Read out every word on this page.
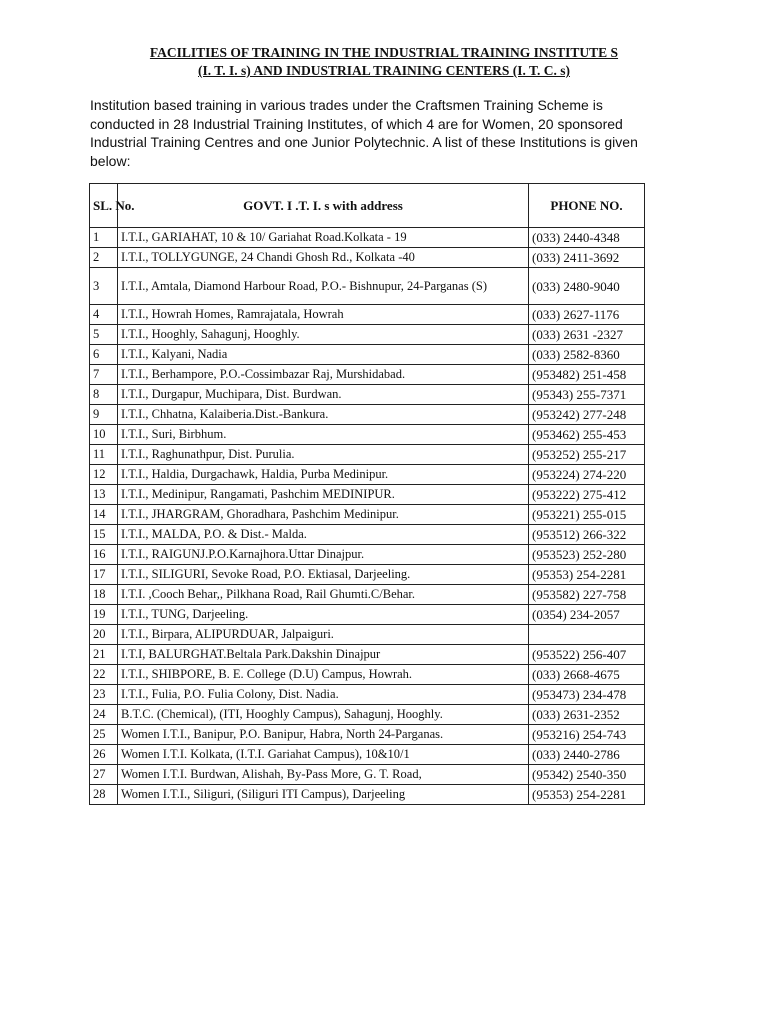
FACILITIES OF TRAINING IN THE INDUSTRIAL TRAINING INSTITUTE S
(I. T. I. s) AND INDUSTRIAL TRAINING CENTERS (I. T. C. s)
Institution based training in various trades under the Craftsmen Training Scheme is conducted in 28 Industrial Training Institutes, of which 4 are for Women, 20 sponsored Industrial Training Centres and one Junior Polytechnic. A list of these Institutions is given below:
SL. No.	GOVT. I .T. I. s with address	PHONE NO.
1	I.T.I., GARIAHAT, 10 & 10/ Gariahat Road.Kolkata - 19	(033) 2440-4348
2	I.T.I., TOLLYGUNGE, 24 Chandi Ghosh Rd., Kolkata -40	(033) 2411-3692
3	I.T.I., Amtala, Diamond Harbour Road, P.O.- Bishnupur, 24-Parganas (S)	(033) 2480-9040
4	I.T.I., Howrah Homes, Ramrajatala, Howrah	(033) 2627-1176
5	I.T.I., Hooghly, Sahagunj, Hooghly.	(033) 2631 -2327
6	I.T.I., Kalyani, Nadia	(033) 2582-8360
7	I.T.I., Berhampore, P.O.-Cossimbazar Raj, Murshidabad.	(953482) 251-458
8	I.T.I., Durgapur, Muchipara, Dist. Burdwan.	(95343) 255-7371
9	I.T.I., Chhatna, Kalaiberia.Dist.-Bankura.	(953242) 277-248
10	I.T.I., Suri, Birbhum.	(953462) 255-453
11	I.T.I., Raghunathpur, Dist. Purulia.	(953252) 255-217
12	I.T.I., Haldia, Durgachawk, Haldia, Purba Medinipur.	(953224) 274-220
13	I.T.I., Medinipur, Rangamati, Pashchim MEDINIPUR.	(953222) 275-412
14	I.T.I., JHARGRAM, Ghoradhara, Pashchim Medinipur.	(953221) 255-015
15	I.T.I., MALDA, P.O. & Dist.- Malda.	(953512) 266-322
16	I.T.I., RAIGUNJ.P.O.Karnajhora.Uttar Dinajpur.	(953523) 252-280
17	I.T.I., SILIGURI, Sevoke Road, P.O. Ektiasal, Darjeeling.	(95353) 254-2281
18	I.T.I. ,Cooch Behar,, Pilkhana Road, Rail Ghumti.C/Behar.	(953582) 227-758
19	I.T.I., TUNG, Darjeeling.	(0354) 234-2057
20	I.T.I., Birpara, ALIPURDUAR, Jalpaiguri.	
21	I.T.I, BALURGHAT.Beltala Park.Dakshin Dinajpur	(953522) 256-407
22	I.T.I., SHIBPORE, B. E. College (D.U) Campus, Howrah.	(033) 2668-4675
23	I.T.I., Fulia, P.O. Fulia Colony, Dist. Nadia.	(953473) 234-478
24	B.T.C. (Chemical), (ITI, Hooghly Campus), Sahagunj, Hooghly.	(033) 2631-2352
25	Women I.T.I., Banipur, P.O. Banipur, Habra, North 24-Parganas.	(953216) 254-743
26	Women I.T.I. Kolkata, (I.T.I. Gariahat Campus), 10&10/1	(033) 2440-2786
27	Women I.T.I. Burdwan, Alishah, By-Pass More, G. T. Road,	(95342) 2540-350
28	Women I.T.I., Siliguri, (Siliguri ITI Campus), Darjeeling	(95353) 254-2281
